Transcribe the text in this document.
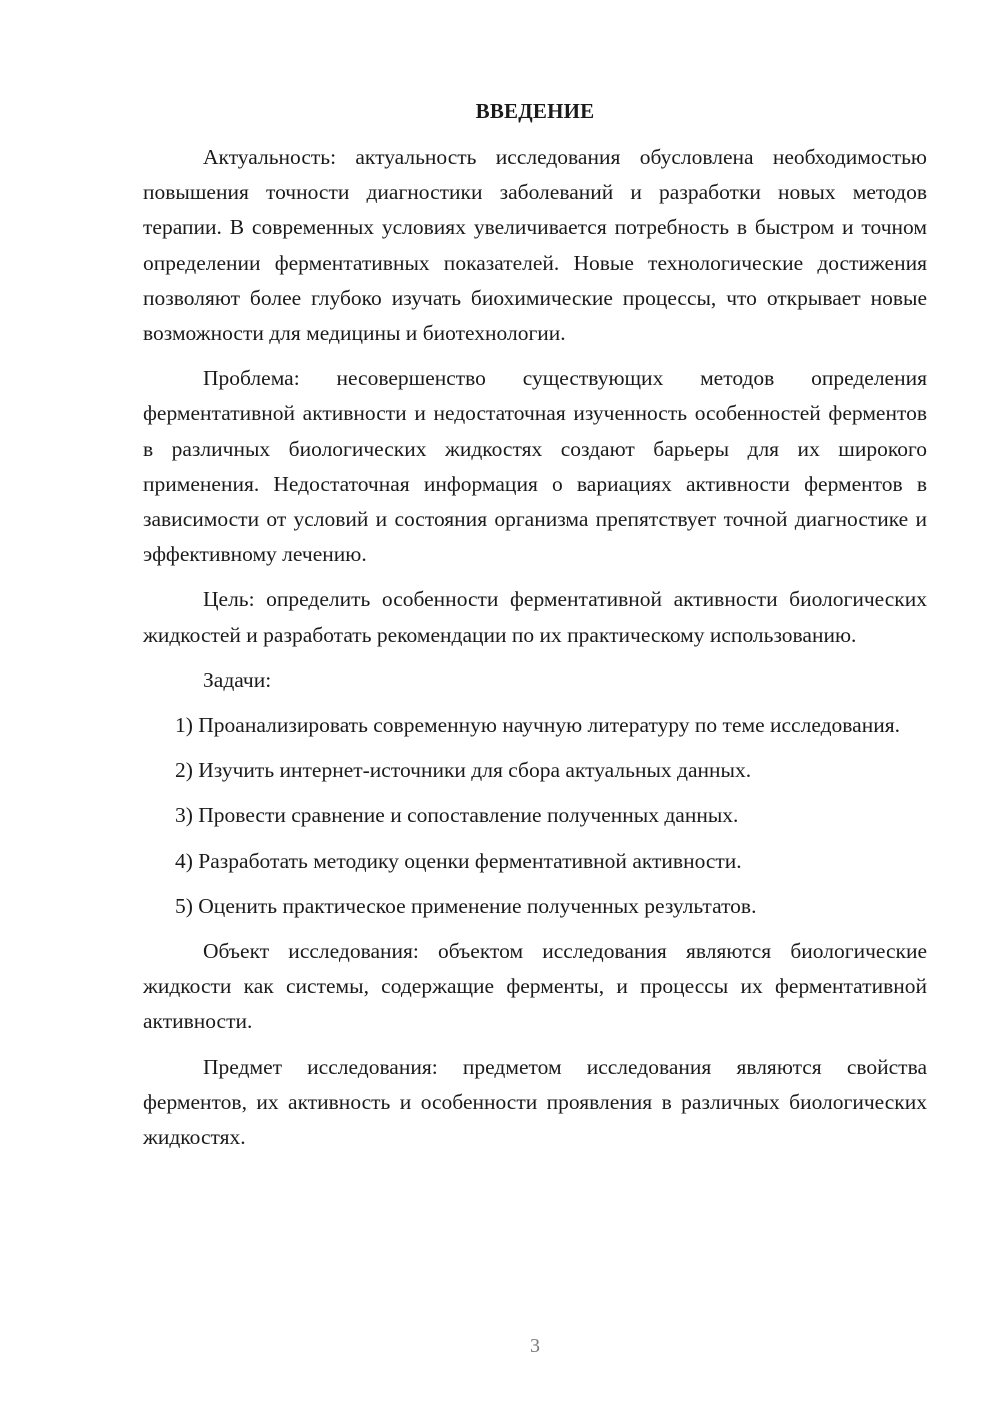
ВВЕДЕНИЕ

Актуальность: актуальность исследования обусловлена необходимостью повышения точности диагностики заболеваний и разработки новых методов терапии. В современных условиях увеличивается потребность в быстром и точном определении ферментативных показателей. Новые технологические достижения позволяют более глубоко изучать биохимические процессы, что открывает новые возможности для медицины и биотехнологии.

Проблема: несовершенство существующих методов определения ферментативной активности и недостаточная изученность особенностей ферментов в различных биологических жидкостях создают барьеры для их широкого применения. Недостаточная информация о вариациях активности ферментов в зависимости от условий и состояния организма препятствует точной диагностике и эффективному лечению.

Цель: определить особенности ферментативной активности биологических жидкостей и разработать рекомендации по их практическому использованию.

Задачи:

1) Проанализировать современную научную литературу по теме исследования.

2) Изучить интернет-источники для сбора актуальных данных.

3) Провести сравнение и сопоставление полученных данных.

4) Разработать методику оценки ферментативной активности.

5) Оценить практическое применение полученных результатов.

Объект исследования: объектом исследования являются биологические жидкости как системы, содержащие ферменты, и процессы их ферментативной активности.

Предмет исследования: предметом исследования являются свойства ферментов, их активность и особенности проявления в различных биологических жидкостях.

3
